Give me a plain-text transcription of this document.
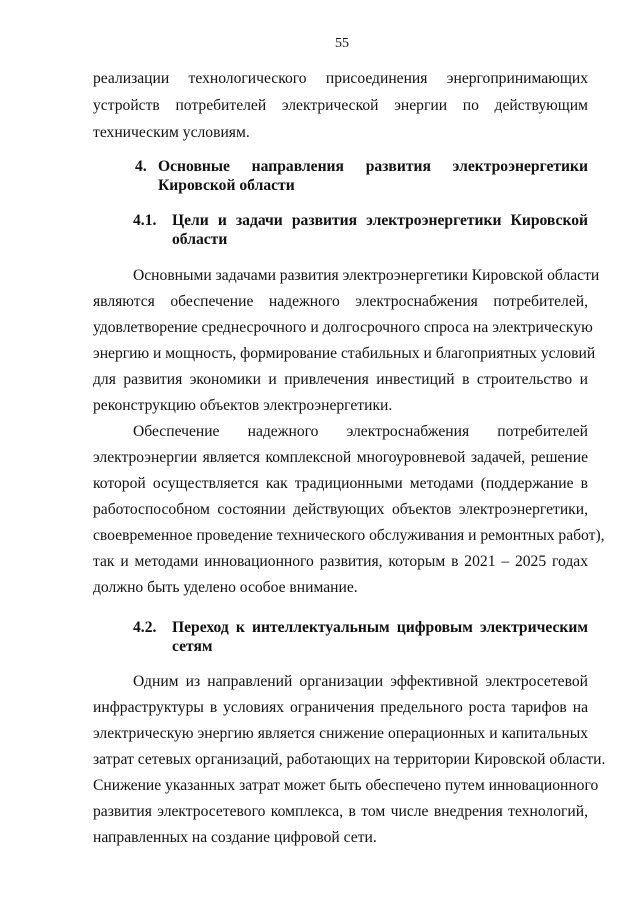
55
реализации технологического присоединения энергопринимающих
устройств потребителей электрической энергии по действующим
техническим условиям.
4. Основные направления развития электроэнергетики
Кировской области
4.1. Цели и задачи развития электроэнергетики Кировской
области
Основными задачами развития электроэнергетики Кировской области
являются обеспечение надежного электроснабжения потребителей,
удовлетворение среднесрочного и долгосрочного спроса на электрическую
энергию и мощность, формирование стабильных и благоприятных условий
для развития экономики и привлечения инвестиций в строительство и
реконструкцию объектов электроэнергетики.
Обеспечение надежного электроснабжения потребителей
электроэнергии является комплексной многоуровневой задачей, решение
которой осуществляется как традиционными методами (поддержание в
работоспособном состоянии действующих объектов электроэнергетики,
своевременное проведение технического обслуживания и ремонтных работ),
так и методами инновационного развития, которым в 2021 – 2025 годах
должно быть уделено особое внимание.
4.2. Переход к интеллектуальным цифровым электрическим
сетям
Одним из направлений организации эффективной электросетевой
инфраструктуры в условиях ограничения предельного роста тарифов на
электрическую энергию является снижение операционных и капитальных
затрат сетевых организаций, работающих на территории Кировской области.
Снижение указанных затрат может быть обеспечено путем инновационного
развития электросетевого комплекса, в том числе внедрения технологий,
направленных на создание цифровой сети.
